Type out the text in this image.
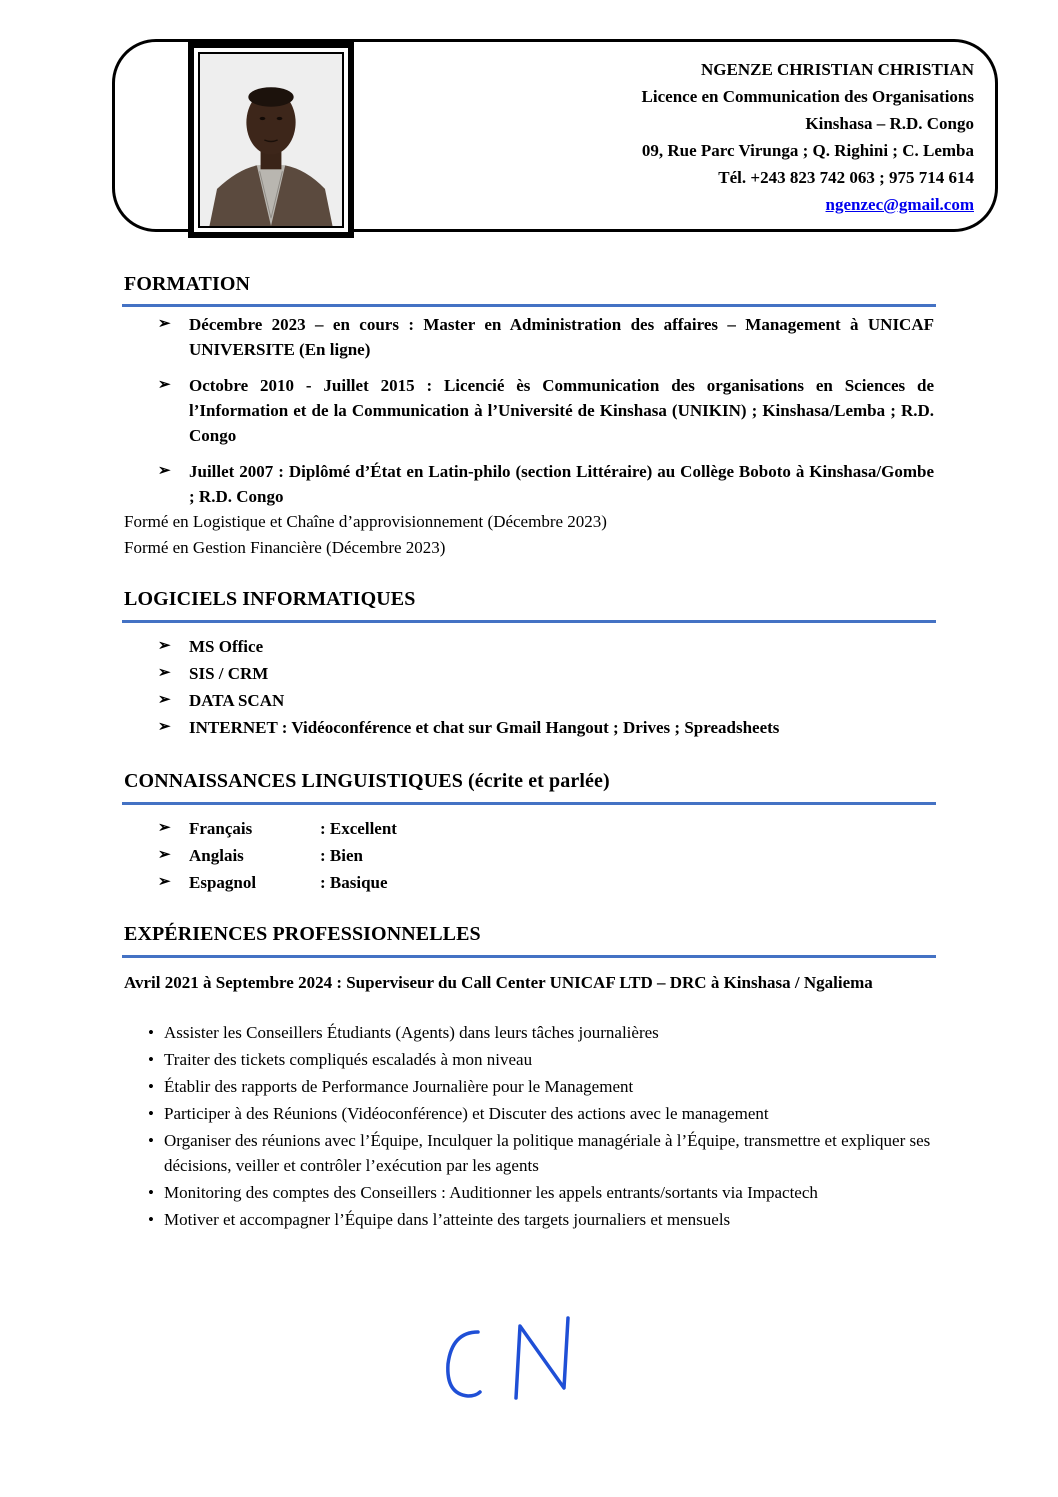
NGENZE CHRISTIAN CHRISTIAN
Licence en Communication des Organisations
Kinshasa – R.D. Congo
09, Rue Parc Virunga ; Q. Righini ; C. Lemba
Tél. +243 823 742 063 ; 975 714 614
ngenzec@gmail.com
FORMATION
➢ Décembre 2023 – en cours : Master en Administration des affaires – Management à UNICAF UNIVERSITE (En ligne)
➢ Octobre 2010 - Juillet 2015 : Licencié ès Communication des organisations en Sciences de l’Information et de la Communication à l’Université de Kinshasa (UNIKIN) ; Kinshasa/Lemba ; R.D. Congo
➢ Juillet 2007 : Diplômé d’État en Latin-philo (section Littéraire) au Collège Boboto à Kinshasa/Gombe ; R.D. Congo
Formé en Logistique et Chaîne d’approvisionnement (Décembre 2023)
Formé en Gestion Financière (Décembre 2023)
LOGICIELS INFORMATIQUES
➢ MS Office
➢ SIS / CRM
➢ DATA SCAN
➢ INTERNET : Vidéoconférence et chat sur Gmail Hangout ; Drives ; Spreadsheets
CONNAISSANCES LINGUISTIQUES (écrite et parlée)
➢ Français	: Excellent
➢ Anglais	: Bien
➢ Espagnol	: Basique
EXPÉRIENCES PROFESSIONNELLES
Avril 2021 à Septembre 2024 : Superviseur du Call Center UNICAF LTD – DRC à Kinshasa / Ngaliema
• Assister les Conseillers Étudiants (Agents) dans leurs tâches journalières
• Traiter des tickets compliqués escaladés à mon niveau
• Établir des rapports de Performance Journalière pour le Management
• Participer à des Réunions (Vidéoconférence) et Discuter des actions avec le management
• Organiser des réunions avec l’Équipe, Inculquer la politique managériale à l’Équipe, transmettre et expliquer ses décisions, veiller et contrôler l’exécution par les agents
• Monitoring des comptes des Conseillers : Auditionner les appels entrants/sortants via Impactech
• Motiver et accompagner l’Équipe dans l’atteinte des targets journaliers et mensuels
